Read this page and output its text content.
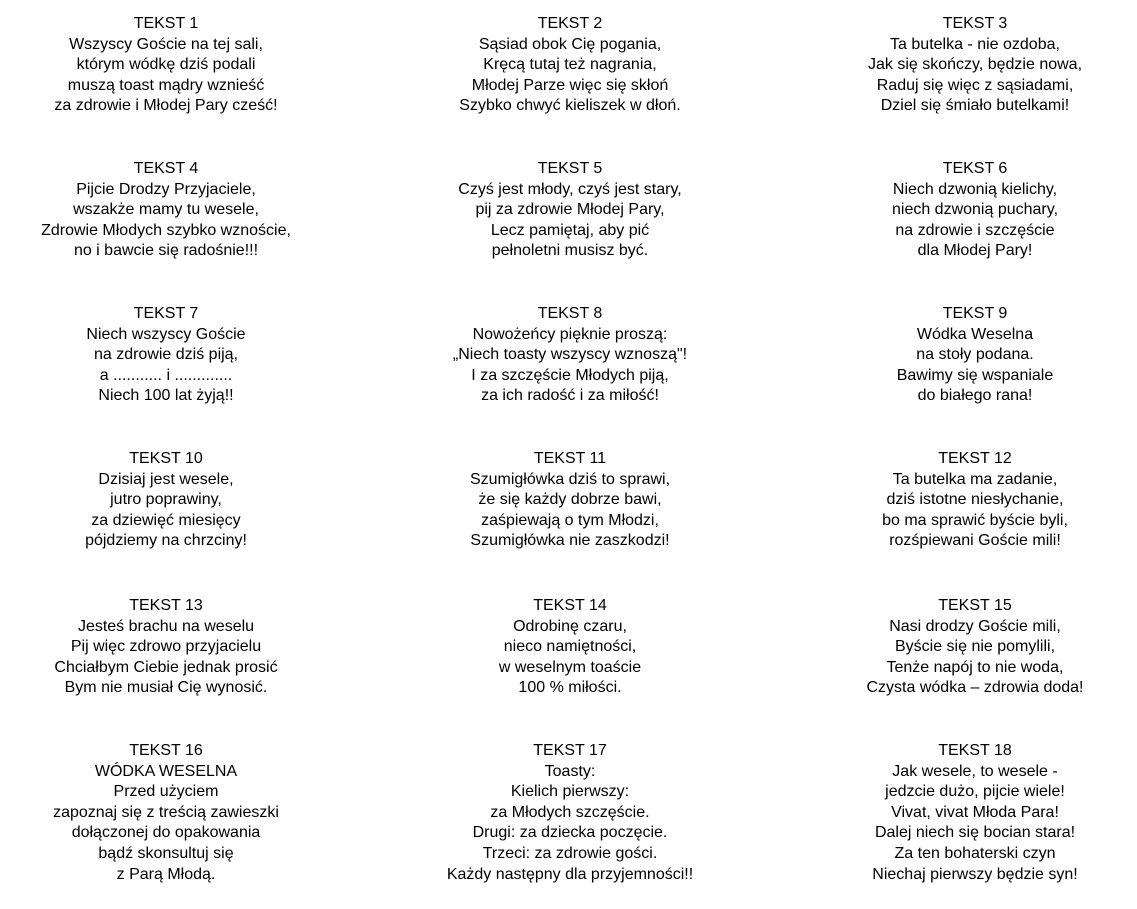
TEKST 1
Wszyscy Goście na tej sali,
którym wódkę dziś podali
muszą toast mądry wznieść
za zdrowie i Młodej Pary cześć!
TEKST 2
Sąsiad obok Cię pogania,
Kręcą tutaj też nagrania,
Młodej Parze więc się skłoń
Szybko chwyć kieliszek w dłoń.
TEKST 3
Ta butelka - nie ozdoba,
Jak się skończy, będzie nowa,
Raduj się więc z sąsiadami,
Dziel się śmiało butelkami!
TEKST 4
Pijcie Drodzy Przyjaciele,
wszakże mamy tu wesele,
Zdrowie Młodych szybko wznoście,
no i bawcie się radośnie!!!
TEKST 5
Czyś jest młody, czyś jest stary,
pij za zdrowie Młodej Pary,
Lecz pamiętaj, aby pić
pełnoletni musisz być.
TEKST 6
Niech dzwonią kielichy,
niech dzwonią puchary,
na zdrowie i szczęście
dla Młodej Pary!
TEKST 7
Niech wszyscy Goście
na zdrowie dziś piją,
a ........... i .............
Niech 100 lat żyją!!
TEKST 8
Nowożeńcy pięknie proszą:
„Niech toasty wszyscy wznoszą"!
I za szczęście Młodych piją,
za ich radość i za miłość!
TEKST 9
Wódka Weselna
na stoły podana.
Bawimy się wspaniale
do białego rana!
TEKST 10
Dzisiaj jest wesele,
jutro poprawiny,
za dziewięć miesięcy
pójdziemy na chrzciny!
TEKST 11
Szumigłówka dziś to sprawi,
że się każdy dobrze bawi,
zaśpiewają o tym Młodzi,
Szumigłówka nie zaszkodzi!
TEKST 12
Ta butelka ma zadanie,
dziś istotne niesłychanie,
bo ma sprawić byście byli,
rozśpiewani Goście mili!
TEKST 13
Jesteś brachu na weselu
Pij więc zdrowo przyjacielu
Chciałbym Ciebie jednak prosić
Bym nie musiał Cię wynosić.
TEKST 14
Odrobinę czaru,
nieco namiętności,
w weselnym toaście
100 % miłości.
TEKST 15
Nasi drodzy Goście mili,
Byście się nie pomylili,
Tenże napój to nie woda,
Czysta wódka – zdrowia doda!
TEKST 16
WÓDKA WESELNA
Przed użyciem
zapoznaj się z treścią zawieszki
dołączonej do opakowania
bądź skonsultuj się
z Parą Młodą.
TEKST 17
Toasty:
Kielich pierwszy:
za Młodych szczęście.
Drugi: za dziecka poczęcie.
Trzeci: za zdrowie gości.
Każdy następny dla przyjemności!!
TEKST 18
Jak wesele, to wesele -
jedzcie dużo, pijcie wiele!
Vivat, vivat Młoda Para!
Dalej niech się bocian stara!
Za ten bohaterski czyn
Niechaj pierwszy będzie syn!
